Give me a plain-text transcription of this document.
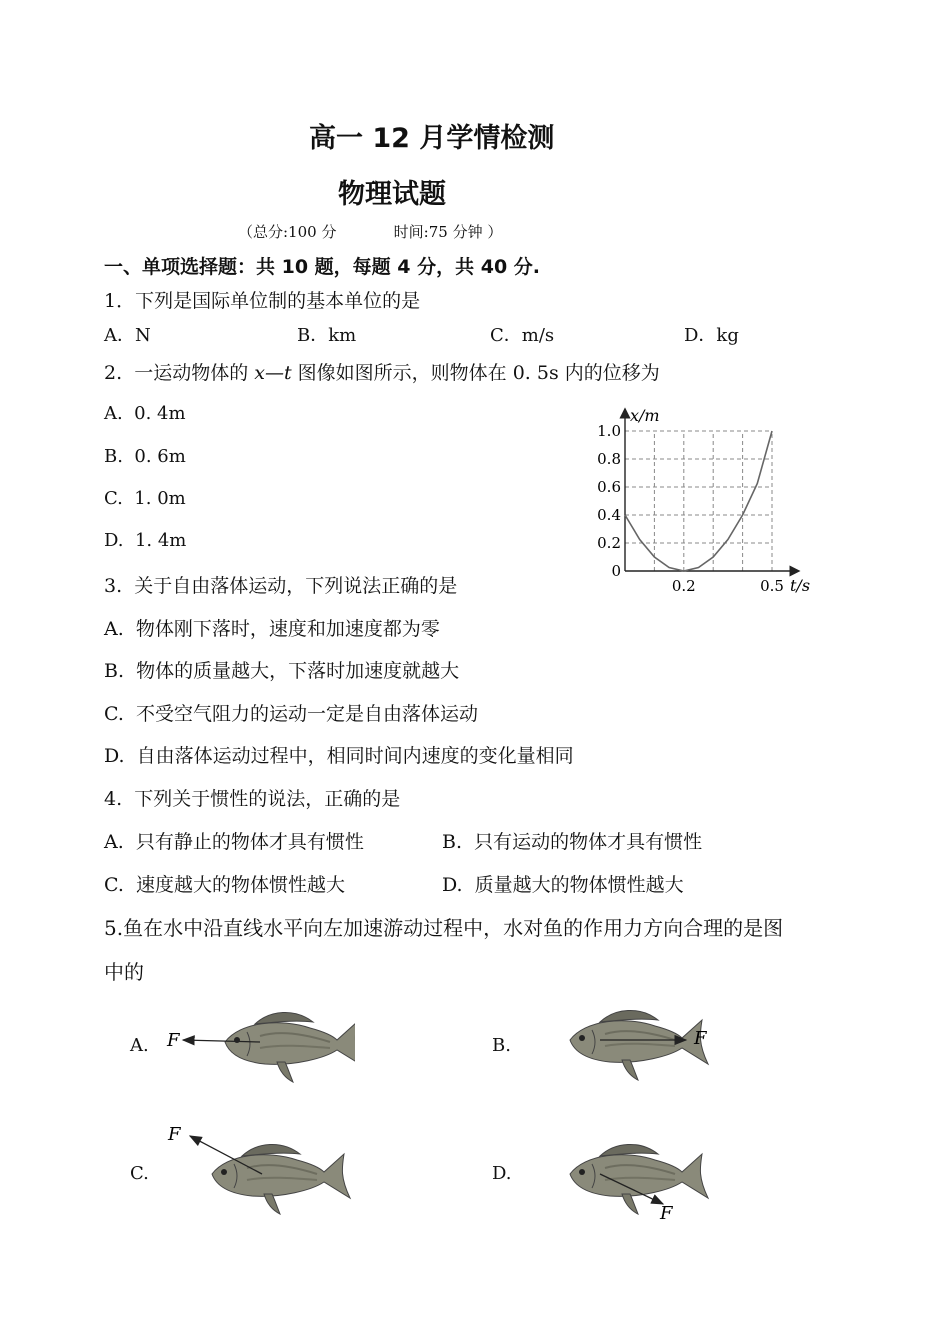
高一 12 月学情检测
物理试题
（总分:100 分            时间:75 分钟 ）
一、单项选择题：共 10 题，每题 4 分，共 40 分.
1．下列是国际单位制的基本单位的是
A．N	B．km	C．m/s	D．kg
2.  一运动物体的 x—t 图像如图所示，则物体在 0. 5s 内的位移为
A.  0. 4m
B.  0. 6m
C.  1. 0m
D.  1. 4m
1.0
0.8
0.6
0.4
0.2
0
0.2	0.5
x/m
t/s
3.  关于自由落体运动，下列说法正确的是
A.  物体刚下落时，速度和加速度都为零
B.  物体的质量越大，下落时加速度就越大
C.  不受空气阻力的运动一定是自由落体运动
D.  自由落体运动过程中，相同时间内速度的变化量相同
4.  下列关于惯性的说法，正确的是
A.  只有静止的物体才具有惯性	B.  只有运动的物体才具有惯性
C.  速度越大的物体惯性越大	D.  质量越大的物体惯性越大
5.鱼在水中沿直线水平向左加速游动过程中，水对鱼的作用力方向合理的是图
中的
A.	B.
C.	D.
F	F
F
F
